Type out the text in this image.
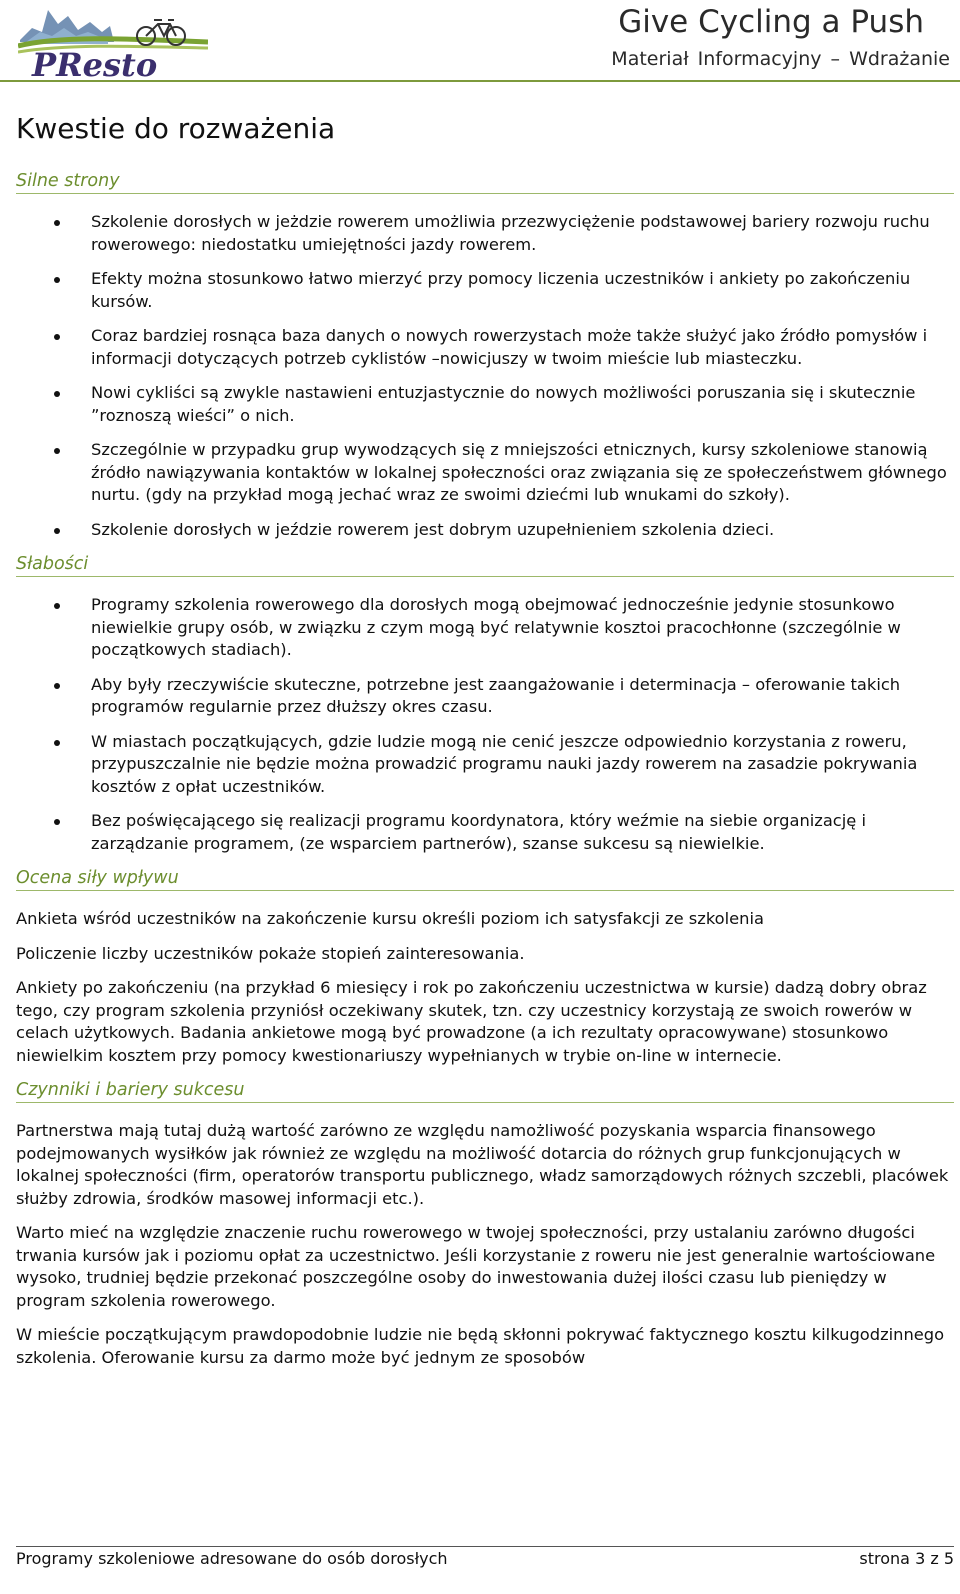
PResto
Give Cycling a Push
Materiał Informacyjny – Wdrażanie
Kwestie do rozważenia
Silne strony
Szkolenie dorosłych w jeżdzie rowerem umożliwia przezwyciężenie podstawowej bariery rozwoju ruchu rowerowego: niedostatku umiejętności jazdy rowerem.
Efekty można stosunkowo łatwo mierzyć przy pomocy liczenia uczestników i ankiety po zakończeniu kursów.
Coraz bardziej rosnąca baza danych o nowych rowerzystach może także służyć jako źródło pomysłów i informacji dotyczących potrzeb cyklistów –nowicjuszy w twoim mieście lub miasteczku.
Nowi cykliści są zwykle nastawieni entuzjastycznie do nowych możliwości poruszania się i skutecznie ˮroznoszą wieściˮ o nich.
Szczególnie w przypadku grup wywodzących się z mniejszości etnicznych, kursy szkoleniowe stanowią źródło nawiązywania kontaktów w lokalnej społeczności oraz związania się ze społeczeństwem głównego nurtu. (gdy na przykład mogą jechać wraz ze swoimi dziećmi lub wnukami do szkoły).
Szkolenie dorosłych w jeździe rowerem jest dobrym uzupełnieniem szkolenia dzieci.
Słabości
Programy szkolenia rowerowego dla dorosłych mogą obejmować jednocześnie jedynie stosunkowo niewielkie grupy osób, w związku z czym mogą być relatywnie kosztoi pracochłonne (szczególnie w początkowych stadiach).
Aby były rzeczywiście skuteczne, potrzebne jest zaangażowanie i determinacja – oferowanie takich programów regularnie przez dłuższy okres czasu.
W miastach początkujących, gdzie ludzie mogą nie cenić jeszcze odpowiednio korzystania z roweru, przypuszczalnie nie będzie można prowadzić programu nauki jazdy rowerem na zasadzie pokrywania kosztów z opłat uczestników.
Bez poświęcającego się realizacji programu koordynatora, który weźmie na siebie organizację i zarządzanie programem, (ze wsparciem partnerów), szanse sukcesu są niewielkie.
Ocena siły wpływu

Ankieta wśród uczestników na zakończenie kursu określi poziom ich satysfakcji ze szkolenia

Policzenie liczby uczestników pokaże stopień zainteresowania.

Ankiety po zakończeniu (na przykład 6 miesięcy i rok po zakończeniu uczestnictwa w kursie) dadzą dobry obraz tego, czy program szkolenia przyniósł oczekiwany skutek, tzn. czy uczestnicy korzystają ze swoich rowerów w celach użytkowych. Badania ankietowe mogą być prowadzone (a ich rezultaty opracowywane) stosunkowo niewielkim kosztem przy pomocy kwestionariuszy wypełnianych w trybie on-line w internecie.

Czynniki i bariery sukcesu

Partnerstwa mają tutaj dużą wartość zarówno ze względu namożliwość pozyskania wsparcia finansowego podejmowanych wysiłków jak również ze względu na możliwość dotarcia do różnych grup funkcjonujących w lokalnej społeczności (firm, operatorów transportu publicznego, władz samorządowych różnych szczebli, placówek służby zdrowia, środków masowej informacji etc.).

Warto mieć na względzie znaczenie ruchu rowerowego w twojej społeczności, przy ustalaniu zarówno długości trwania kursów jak i poziomu opłat za uczestnictwo. Jeśli korzystanie z roweru nie jest generalnie wartościowane wysoko, trudniej będzie przekonać poszczególne osoby do inwestowania dużej ilości czasu lub pieniędzy w program szkolenia rowerowego.

W mieście początkującym prawdopodobnie ludzie nie będą skłonni pokrywać faktycznego kosztu kilkugodzinnego szkolenia. Oferowanie kursu za darmo może być jednym ze sposobów

Programy szkoleniowe adresowane do osób dorosłych	strona 3 z 5
